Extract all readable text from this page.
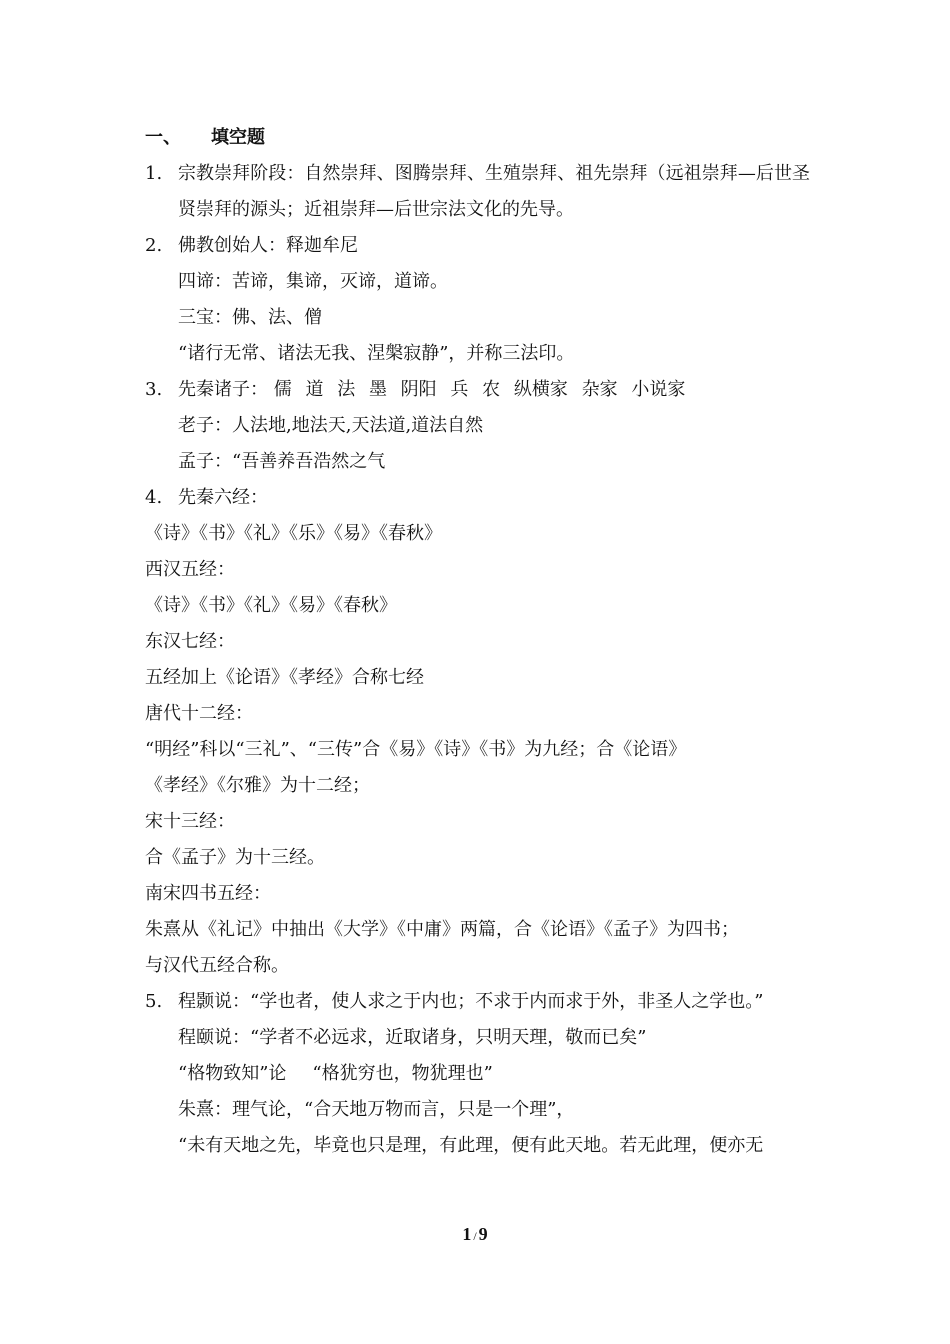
一、 填空题
1. 宗教崇拜阶段：自然崇拜、图腾崇拜、生殖崇拜、祖先崇拜（远祖崇拜—后世圣贤崇拜的源头；近祖崇拜—后世宗法文化的先导。
2. 佛教创始人：释迦牟尼
四谛：苦谛，集谛，灭谛，道谛。
三宝：佛、法、僧
“诸行无常、诸法无我、涅槃寂静”，并称三法印。
3. 先秦诸子： 儒 道 法 墨 阴阳 兵 农 纵横家 杂家 小说家
老子：人法地,地法天,天法道,道法自然
孟子：“吾善养吾浩然之气
4. 先秦六经：
《诗》《书》《礼》《乐》《易》《春秋》
西汉五经：
《诗》《书》《礼》《易》《春秋》
东汉七经：
五经加上《论语》《孝经》合称七经
唐代十二经：
“明经”科以“三礼”、“三传”合《易》《诗》《书》为九经；合《论语》
《孝经》《尔雅》为十二经；
宋十三经：
合《孟子》为十三经。
南宋四书五经：
朱熹从《礼记》中抽出《大学》《中庸》两篇，合《论语》《孟子》为四书；
与汉代五经合称。
5. 程颢说：“学也者，使人求之于内也；不求于内而求于外，非圣人之学也。”
程颐说：“学者不必远求，近取诸身，只明天理，敬而已矣”
“格物致知”论 “格犹穷也，物犹理也”
朱熹：理气论，“合天地万物而言，只是一个理”，
“未有天地之先，毕竟也只是理，有此理，便有此天地。若无此理，便亦无
1 / 9
